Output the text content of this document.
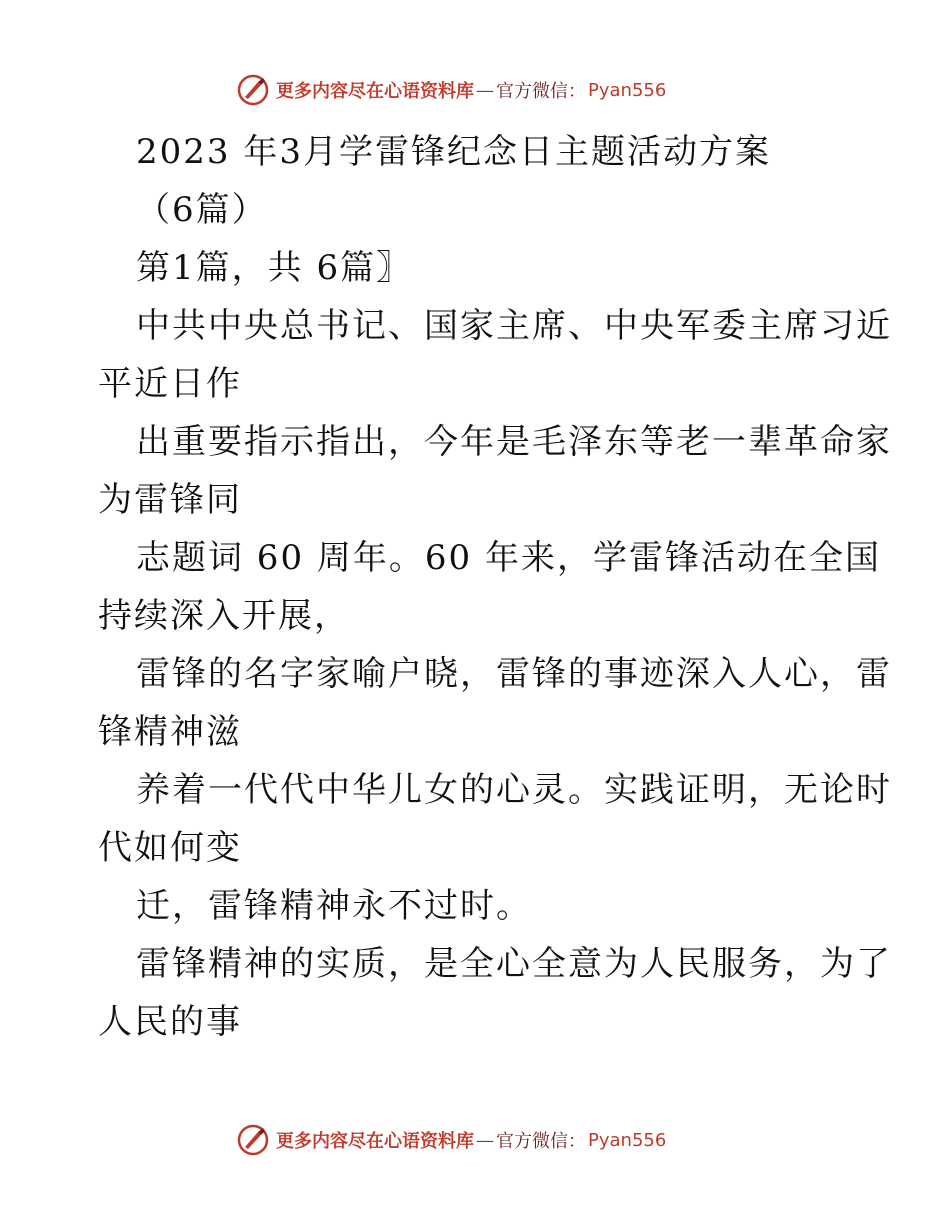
更多内容尽在心语资料库 — 官方微信： Pyan556
2023 年3月学雷锋纪念日主题活动方案
（6篇）
第1篇，共 6篇〗
中共中央总书记、国家主席、中央军委主席习近
平近日作
出重要指示指出，今年是毛泽东等老一辈革命家
为雷锋同
志题词 60 周年。60 年来，学雷锋活动在全国
持续深入开展，
雷锋的名字家喻户晓，雷锋的事迹深入人心，雷
锋精神滋
养着一代代中华儿女的心灵。实践证明，无论时
代如何变
迁，雷锋精神永不过时。
雷锋精神的实质，是全心全意为人民服务，为了
人民的事
更多内容尽在心语资料库 — 官方微信： Pyan556
